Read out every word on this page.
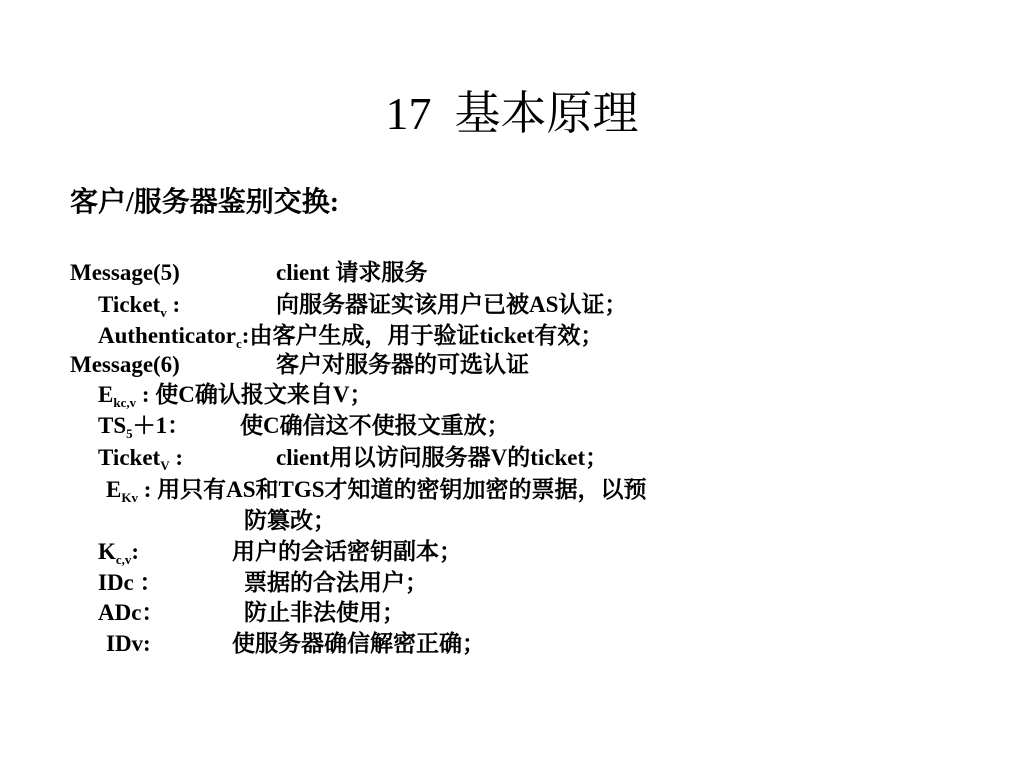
17  基本原理
客户/服务器鉴别交换:
Message(5)	client 请求服务
Ticket$_v$ :	向服务器证实该用户已被AS认证；
Authenticator$_c$:由客户生成，用于验证ticket有效；
Message(6)	客户对服务器的可选认证
$E_{kc,v}$ : 使C确认报文来自V；
$TS_5+1$： 使C确信这不使报文重放；
Ticket$_V$ :	client用以访问服务器V的ticket；
$E_{Kv}$ : 用只有AS和TGS才知道的密钥加密的票据，以预
防篡改；
$K_{c,v}$:	用户的会话密钥副本；
IDc ：	票据的合法用户；
ADc：	防止非法使用；
IDv:	使服务器确信解密正确；
